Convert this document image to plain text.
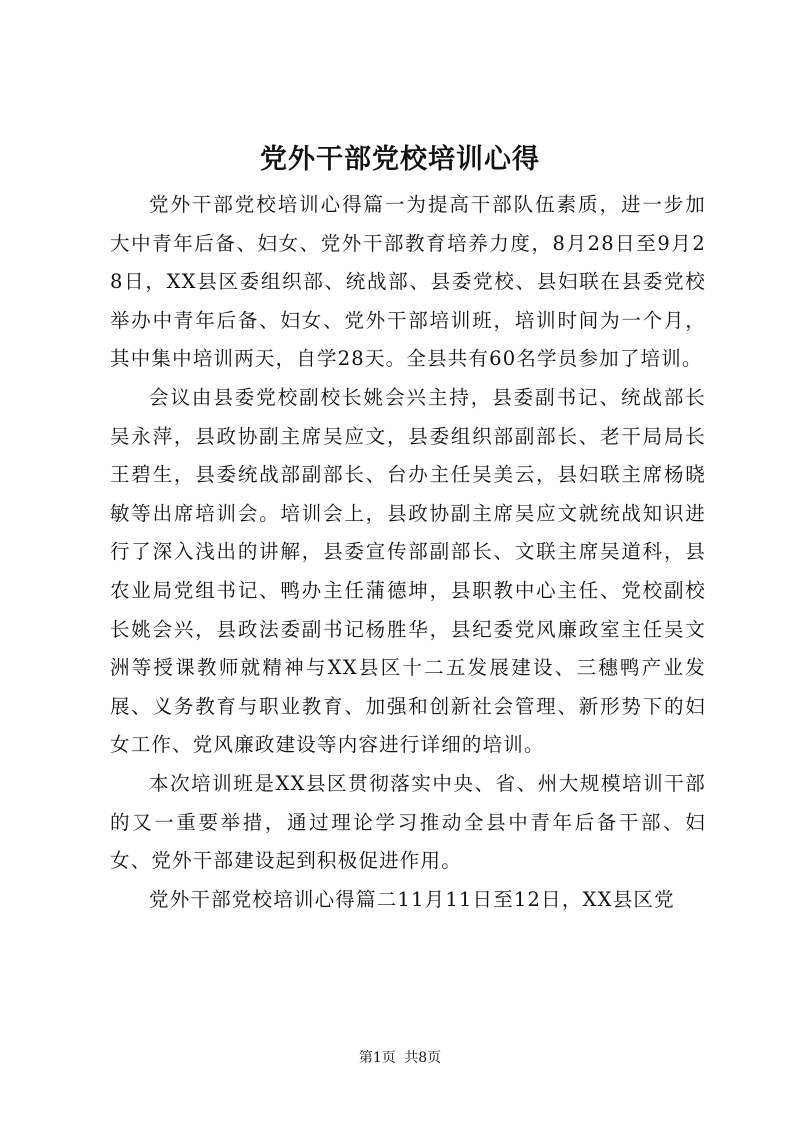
党外干部党校培训心得

党外干部党校培训心得篇一为提高干部队伍素质，进一步加大中青年后备、妇女、党外干部教育培养力度，8月28日至9月28日，XX县区委组织部、统战部、县委党校、县妇联在县委党校举办中青年后备、妇女、党外干部培训班，培训时间为一个月，其中集中培训两天，自学28天。全县共有60名学员参加了培训。

会议由县委党校副校长姚会兴主持，县委副书记、统战部长吴永萍，县政协副主席吴应文，县委组织部副部长、老干局局长王碧生，县委统战部副部长、台办主任吴美云，县妇联主席杨晓敏等出席培训会。培训会上，县政协副主席吴应文就统战知识进行了深入浅出的讲解，县委宣传部副部长、文联主席吴道科，县农业局党组书记、鸭办主任蒲德坤，县职教中心主任、党校副校长姚会兴，县政法委副书记杨胜华，县纪委党风廉政室主任吴文洲等授课教师就精神与XX县区十二五发展建设、三穗鸭产业发展、义务教育与职业教育、加强和创新社会管理、新形势下的妇女工作、党风廉政建设等内容进行详细的培训。

本次培训班是XX县区贯彻落实中央、省、州大规模培训干部的又一重要举措，通过理论学习推动全县中青年后备干部、妇女、党外干部建设起到积极促进作用。

党外干部党校培训心得篇二11月11日至12日，XX县区党

第1页 共8页
